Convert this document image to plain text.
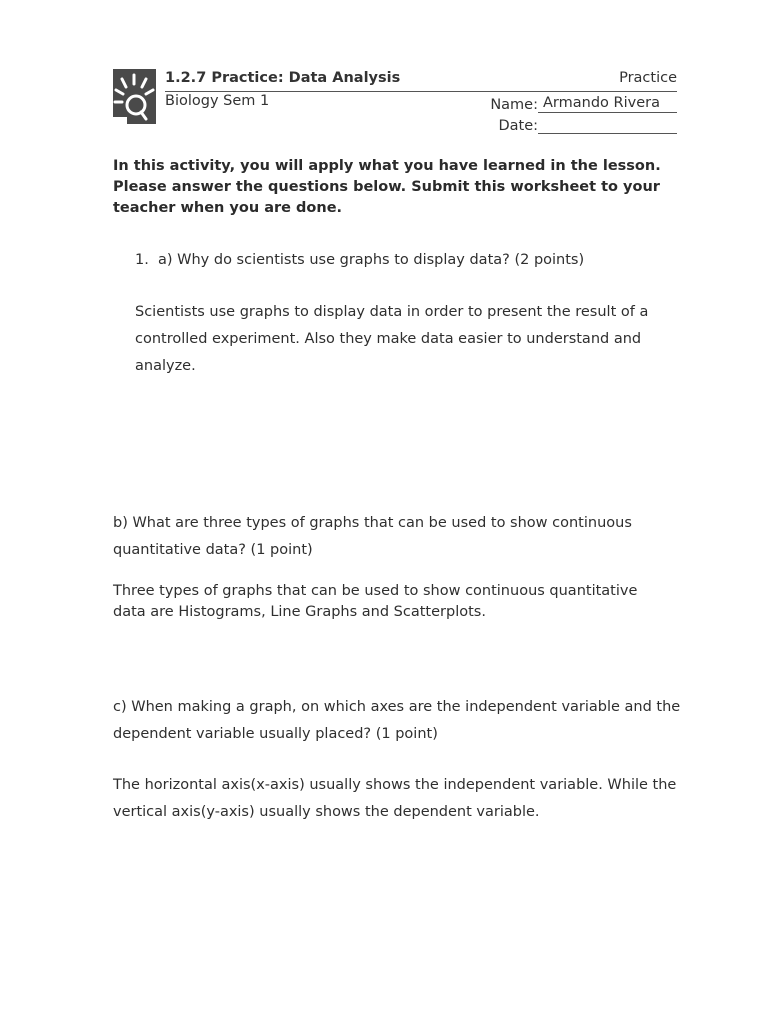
1.2.7 Practice: Data Analysis	Practice
Biology Sem 1	Name: Armando Rivera
Date:
In this activity, you will apply what you have learned in the lesson. Please answer the questions below. Submit this worksheet to your teacher when you are done.
1. a) Why do scientists use graphs to display data? (2 points)
Scientists use graphs to display data in order to present the result of a controlled experiment. Also they make data easier to understand and analyze.
b) What are three types of graphs that can be used to show continuous quantitative data? (1 point)
Three types of graphs that can be used to show continuous quantitative data are Histograms, Line Graphs and Scatterplots.
c) When making a graph, on which axes are the independent variable and the dependent variable usually placed? (1 point)
The horizontal axis(x-axis) usually shows the independent variable. While the vertical axis(y-axis) usually shows the dependent variable.
